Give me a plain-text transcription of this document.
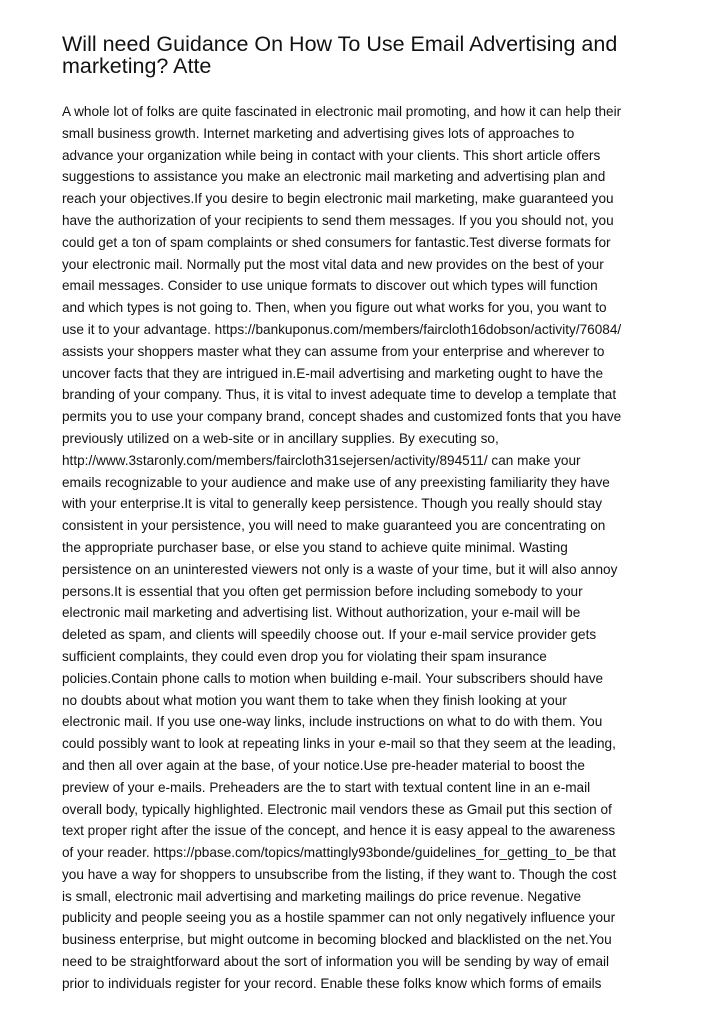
Will need Guidance On How To Use Email Advertising and
marketing? Atte
A whole lot of folks are quite fascinated in electronic mail promoting, and how it can help their
small business growth. Internet marketing and advertising gives lots of approaches to
advance your organization while being in contact with your clients. This short article offers
suggestions to assistance you make an electronic mail marketing and advertising plan and
reach your objectives.If you desire to begin electronic mail marketing, make guaranteed you
have the authorization of your recipients to send them messages. If you you should not, you
could get a ton of spam complaints or shed consumers for fantastic.Test diverse formats for
your electronic mail. Normally put the most vital data and new provides on the best of your
email messages. Consider to use unique formats to discover out which types will function
and which types is not going to. Then, when you figure out what works for you, you want to
use it to your advantage. https://bankuponus.com/members/faircloth16dobson/activity/76084/
assists your shoppers master what they can assume from your enterprise and wherever to
uncover facts that they are intrigued in.E-mail advertising and marketing ought to have the
branding of your company. Thus, it is vital to invest adequate time to develop a template that
permits you to use your company brand, concept shades and customized fonts that you have
previously utilized on a web-site or in ancillary supplies. By executing so,
http://www.3staronly.com/members/faircloth31sejersen/activity/894511/ can make your
emails recognizable to your audience and make use of any preexisting familiarity they have
with your enterprise.It is vital to generally keep persistence. Though you really should stay
consistent in your persistence, you will need to make guaranteed you are concentrating on
the appropriate purchaser base, or else you stand to achieve quite minimal. Wasting
persistence on an uninterested viewers not only is a waste of your time, but it will also annoy
persons.It is essential that you often get permission before including somebody to your
electronic mail marketing and advertising list. Without authorization, your e-mail will be
deleted as spam, and clients will speedily choose out. If your e-mail service provider gets
sufficient complaints, they could even drop you for violating their spam insurance
policies.Contain phone calls to motion when building e-mail. Your subscribers should have
no doubts about what motion you want them to take when they finish looking at your
electronic mail. If you use one-way links, include instructions on what to do with them. You
could possibly want to look at repeating links in your e-mail so that they seem at the leading,
and then all over again at the base, of your notice.Use pre-header material to boost the
preview of your e-mails. Preheaders are the to start with textual content line in an e-mail
overall body, typically highlighted. Electronic mail vendors these as Gmail put this section of
text proper right after the issue of the concept, and hence it is easy appeal to the awareness
of your reader. https://pbase.com/topics/mattingly93bonde/guidelines_for_getting_to_be that
you have a way for shoppers to unsubscribe from the listing, if they want to. Though the cost
is small, electronic mail advertising and marketing mailings do price revenue. Negative
publicity and people seeing you as a hostile spammer can not only negatively influence your
business enterprise, but might outcome in becoming blocked and blacklisted on the net.You
need to be straightforward about the sort of information you will be sending by way of email
prior to individuals register for your record. Enable these folks know which forms of emails
